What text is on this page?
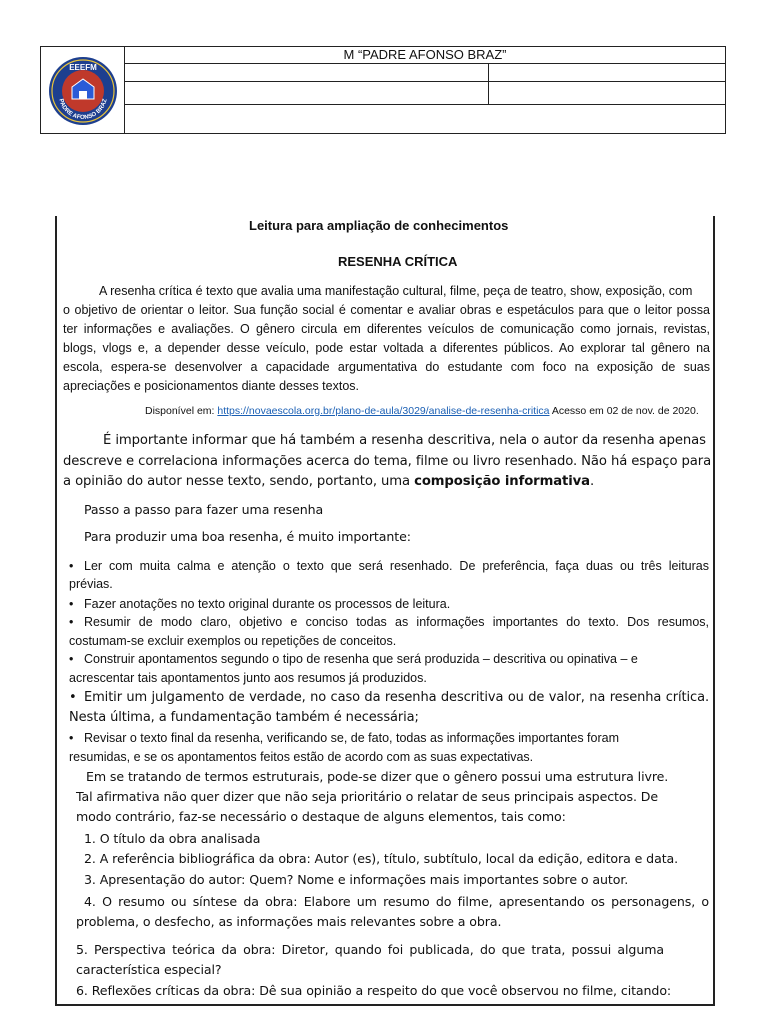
EEEFM
PADRE AFONSO BRAZ
M “PADRE AFONSO BRAZ”
Leitura para ampliação de conhecimentos
RESENHA CRÍTICA
A resenha crítica é texto que avalia uma manifestação cultural, filme, peça de teatro, show, exposição, com
o objetivo de orientar o leitor. Sua função social é comentar e avaliar obras e espetáculos para que o leitor possa
ter informações e avaliações. O gênero circula em diferentes veículos de comunicação como jornais, revistas,
blogs, vlogs e, a depender desse veículo, pode estar voltada a diferentes públicos. Ao explorar tal gênero na
escola, espera-se desenvolver a capacidade argumentativa do estudante com foco na exposição de suas
apreciações e posicionamentos diante desses textos.
Disponível em: https://novaescola.org.br/plano-de-aula/3029/analise-de-resenha-critica Acesso em 02 de nov. de 2020.
É importante informar que há também a resenha descritiva, nela o autor da resenha apenas
descreve e correlaciona informações acerca do tema, filme ou livro resenhado. Não há espaço para
a opinião do autor nesse texto, sendo, portanto, uma composição informativa.
Passo a passo para fazer uma resenha
Para produzir uma boa resenha, é muito importante:
• Ler com muita calma e atenção o texto que será resenhado. De preferência, faça duas ou três leituras
prévias.
• Fazer anotações no texto original durante os processos de leitura.
• Resumir de modo claro, objetivo e conciso todas as informações importantes do texto. Dos resumos,
costumam-se excluir exemplos ou repetições de conceitos.
• Construir apontamentos segundo o tipo de resenha que será produzida – descritiva ou opinativa – e
acrescentar tais apontamentos junto aos resumos já produzidos.
• Emitir um julgamento de verdade, no caso da resenha descritiva ou de valor, na resenha crítica.
Nesta última, a fundamentação também é necessária;
• Revisar o texto final da resenha, verificando se, de fato, todas as informações importantes foram
resumidas, e se os apontamentos feitos estão de acordo com as suas expectativas.
Em se tratando de termos estruturais, pode-se dizer que o gênero possui uma estrutura livre.
Tal afirmativa não quer dizer que não seja prioritário o relatar de seus principais aspectos. De
modo contrário, faz-se necessário o destaque de alguns elementos, tais como:
1. O título da obra analisada
2. A referência bibliográfica da obra: Autor (es), título, subtítulo, local da edição, editora e data.
3. Apresentação do autor: Quem? Nome e informações mais importantes sobre o autor.
4. O resumo ou síntese da obra: Elabore um resumo do filme, apresentando os personagens, o
problema, o desfecho, as informações mais relevantes sobre a obra.
5. Perspectiva teórica da obra: Diretor, quando foi publicada, do que trata, possui alguma
característica especial?
6. Reflexões críticas da obra: Dê sua opinião a respeito do que você observou no filme, citando:
